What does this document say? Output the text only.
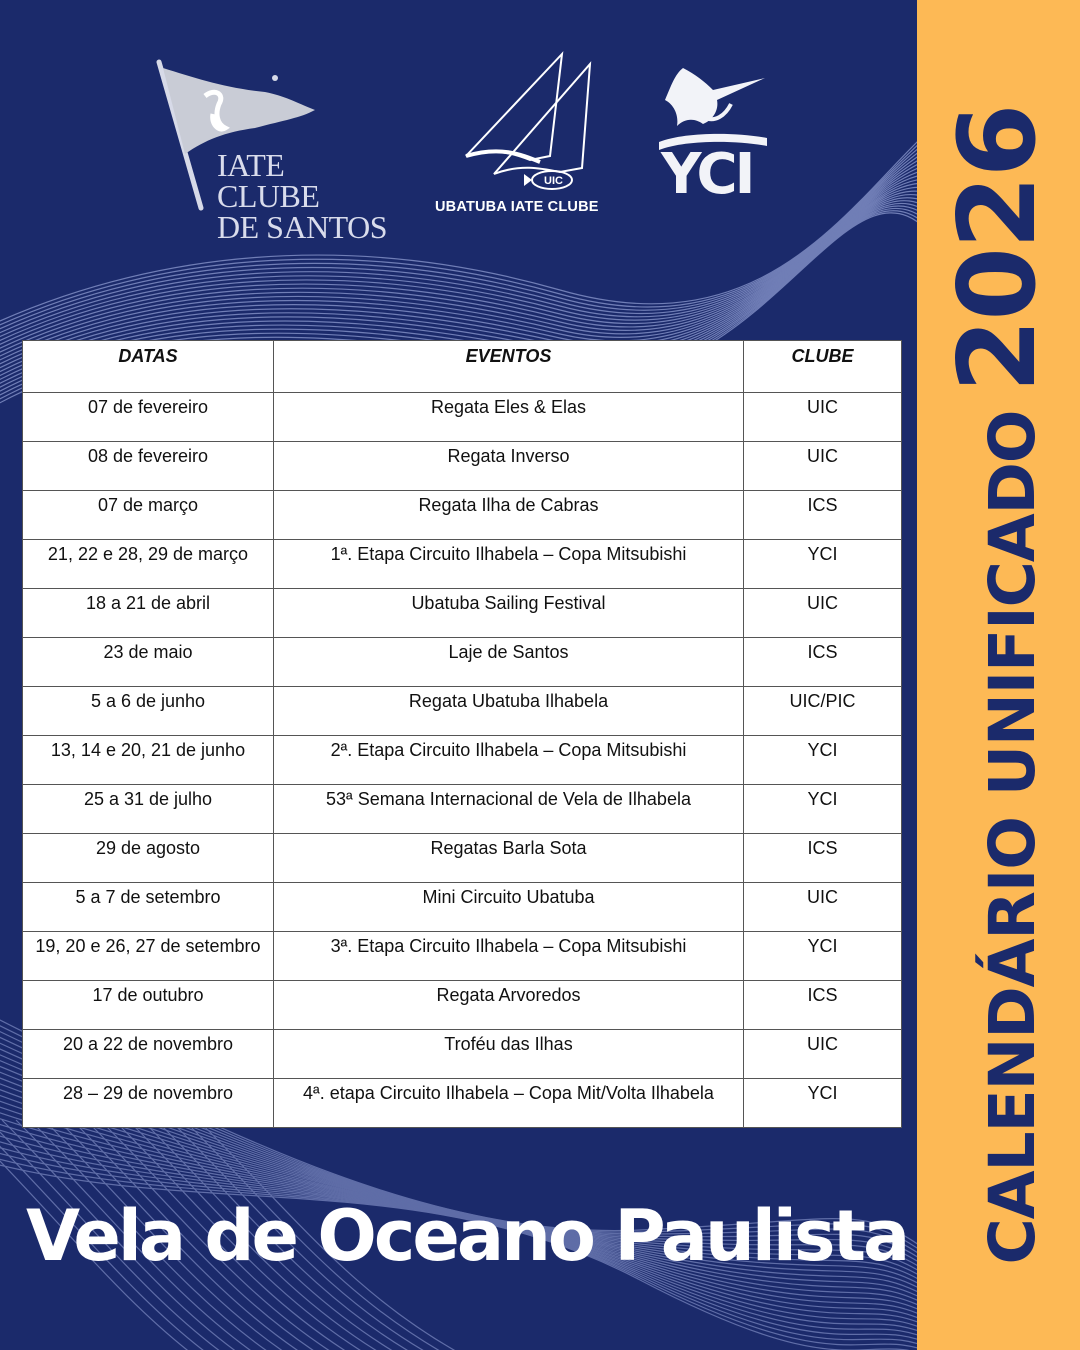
IATE CLUBE
DE SANTOS
UIC
UBATUBA IATE CLUBE YCI
DATAS	EVENTOS	CLUBE
07 de fevereiro	Regata Eles & Elas	UIC
08 de fevereiro	Regata Inverso	UIC
07 de março	Regata Ilha de Cabras	ICS
21, 22 e 28, 29 de março	1ª. Etapa Circuito Ilhabela – Copa Mitsubishi	YCI
18 a 21 de abril	Ubatuba Sailing Festival	UIC
23 de maio	Laje de Santos	ICS
5 a 6 de junho	Regata Ubatuba Ilhabela	UIC/PIC
13, 14 e 20, 21 de junho	2ª. Etapa Circuito Ilhabela – Copa Mitsubishi	YCI
25 a 31 de julho	53ª Semana Internacional de Vela de Ilhabela	YCI
29 de agosto	Regatas Barla Sota	ICS
5 a 7 de setembro	Mini Circuito Ubatuba	UIC
19, 20 e 26, 27 de setembro	3ª. Etapa Circuito Ilhabela – Copa Mitsubishi	YCI
17 de outubro	Regata Arvoredos	ICS
20 a 22 de novembro	Troféu das Ilhas	UIC
28 – 29 de novembro	4ª. etapa Circuito Ilhabela – Copa Mit/Volta Ilhabela	YCI
Vela de Oceano Paulista	CALENDÁRIO UNIFICADO2026
